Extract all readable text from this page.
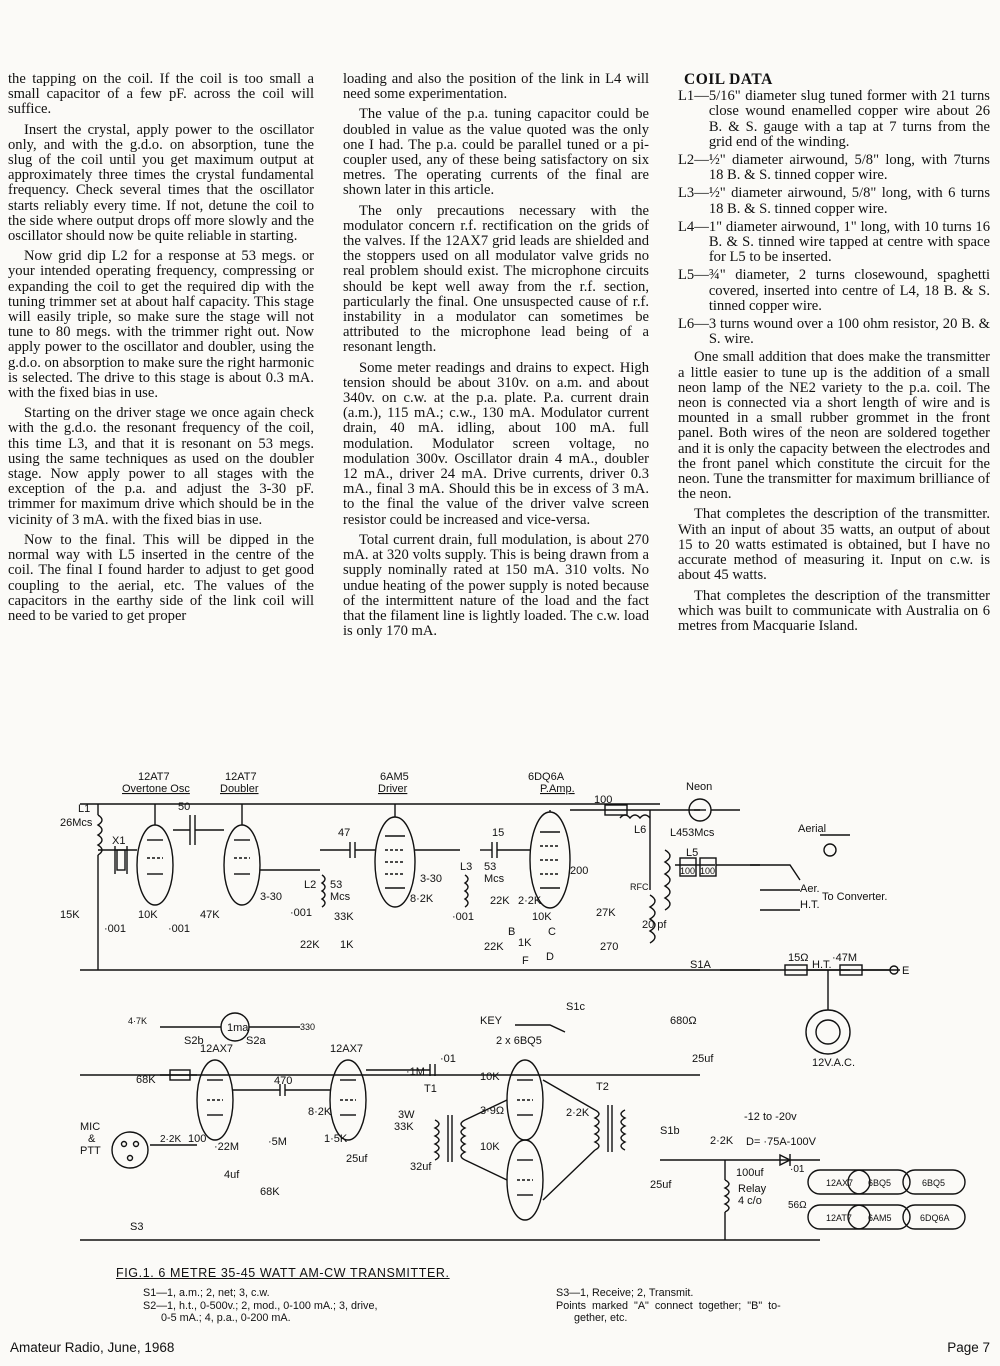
the tapping on the coil. If the coil is too small a small capacitor of a few pF. across the coil will suffice.

Insert the crystal, apply power to the oscillator only, and with the g.d.o. on absorption, tune the slug of the coil until you get maximum output at approximately three times the crystal fundamental frequency. Check several times that the oscillator starts reliably every time. If not, detune the coil to the side where output drops off more slowly and the oscillator should now be quite reliable in starting.

Now grid dip L2 for a response at 53 megs. or your intended operating frequency, compressing or expanding the coil to get the required dip with the tuning trimmer set at about half capacity. This stage will easily triple, so make sure the stage will not tune to 80 megs. with the trimmer right out. Now apply power to the oscillator and doubler, using the g.d.o. on absorption to make sure the right harmonic is selected. The drive to this stage is about 0.3 mA. with the fixed bias in use.

Starting on the driver stage we once again check with the g.d.o. the resonant frequency of the coil, this time L3, and that it is resonant on 53 megs. using the same techniques as used on the doubler stage. Now apply power to all stages with the exception of the p.a. and adjust the 3-30 pF. trimmer for maximum drive which should be in the vicinity of 3 mA. with the fixed bias in use.

Now to the final. This will be dipped in the normal way with L5 inserted in the centre of the coil. The final I found harder to adjust to get good coupling to the aerial, etc. The values of the capacitors in the earthy side of the link coil will need to be varied to get proper

loading and also the position of the link in L4 will need some experimentation.

The value of the p.a. tuning capacitor could be doubled in value as the value quoted was the only one I had. The p.a. could be parallel tuned or a pi-coupler used, any of these being satisfactory on six metres. The operating currents of the final are shown later in this article.

The only precautions necessary with the modulator concern r.f. rectification on the grids of the valves. If the 12AX7 grid leads are shielded and the stoppers used on all modulator valve grids no real problem should exist. The microphone circuits should be kept well away from the r.f. section, particularly the final. One unsuspected cause of r.f. instability in a modulator can sometimes be attributed to the microphone lead being of a resonant length.

Some meter readings and drains to expect. High tension should be about 310v. on a.m. and about 340v. on c.w. at the p.a. plate. P.a. current drain (a.m.), 115 mA.; c.w., 130 mA. Modulator current drain, 40 mA. idling, about 100 mA. full modulation. Modulator screen voltage, no modulation 300v. Oscillator drain 4 mA., doubler 12 mA., driver 24 mA. Drive currents, driver 0.3 mA., final 3 mA. Should this be in excess of 3 mA. to the final the value of the driver valve screen resistor could be increased and vice-versa.

Total current drain, full modulation, is about 270 mA. at 320 volts supply. This is being drawn from a supply nominally rated at 150 mA. 310 volts. No undue heating of the power supply is noted because of the intermittent nature of the load and the fact that the filament line is lightly loaded. The c.w. load is only 170 mA.

COIL DATA
L1— 5/16" diameter slug tuned former with 21 turns close wound enamelled copper wire about 26 B. & S. gauge with a tap at 7 turns from the grid end of the winding.
L2— ½" diameter airwound, 5/8" long, with 7turns 18 B. & S. tinned copper wire.
L3— ½" diameter airwound, 5/8" long, with 6 turns 18 B. & S. tinned copper wire.
L4— 1" diameter airwound, 1" long, with 10 turns 16 B. & S. tinned wire tapped at centre with space for L5 to be inserted.
L5— ¾" diameter, 2 turns closewound, spaghetti covered, inserted into centre of L4, 18 B. & S. tinned copper wire.
L6— 3 turns wound over a 100 ohm resistor, 20 B. & S. wire.

One small addition that does make the transmitter a little easier to tune up is the addition of a small neon lamp of the NE2 variety to the p.a. coil. The neon is connected via a short length of wire and is mounted in a small rubber grommet in the front panel. Both wires of the neon are soldered together and it is only the capacity between the electrodes and the front panel which constitute the circuit for the neon. Tune the transmitter for maximum brilliance of the neon.

That completes the description of the transmitter. With an input of about 35 watts, an output of about 15 to 20 watts estimated is obtained, but I have no accurate method of measuring it. Input on c.w. is about 45 watts.

That completes the description of the transmitter which was built to communicate with Australia on 6 metres from Macquarie Island.

12AT7
Overtone Osc
12AT7
Doubler
6AM5
Driver
6DQ6A
P.Amp.
L1
26Mcs
X1
50
15K	10K	47K
·001	·001
3-30
·001
47
L2 53
Mcs
33K
22K 1K
8·2K
3-30
·001
15
L3 53
Mcs
22K
22K
2·2K
10K
1K
B	C
F D
200
27K
270
RFC
20 pf
100
L6 L4 53Mcs
L5
100 100
Neon
Aerial
Aer.
To Converter.
H.T.
S1A
15Ω
H.T.
·47M
E
12V.A.C.
1ma
S2a
S2b
4·7K
330	KEY
S1c
2 x 6BQ5
680Ω
25uf
12AX7	12AX7
68K
100
·22M
4uf
68K
·5M
470
8·2K
1·5K
25uf
·1M
·01
T1
3W
33K
32uf
10K
10K
3·9Ω
T2
2·2K
S1b
MIC
&
PTT
2·2K
S3
-12 to -20v
D= ·75A-100V
2·2K
25uf
100uf
Relay
4 c/o
·01
56Ω
12AX7 6BQ5	6BQ5
12AT7 6AM5	6DQ6A
FIG.1. 6 METRE 35-45 WATT AM-CW TRANSMITTER.
S1—1, a.m.; 2, net; 3, c.w.
S2—1, h.t., 0-500v.; 2, mod., 0-100 mA.; 3, drive,
0-5 mA.; 4, p.a., 0-200 mA.
S3—1, Receive; 2, Transmit.
Points  marked  "A"  connect  together;  "B"  to-
gether, etc.
Amateur Radio, June, 1968	Page 7
